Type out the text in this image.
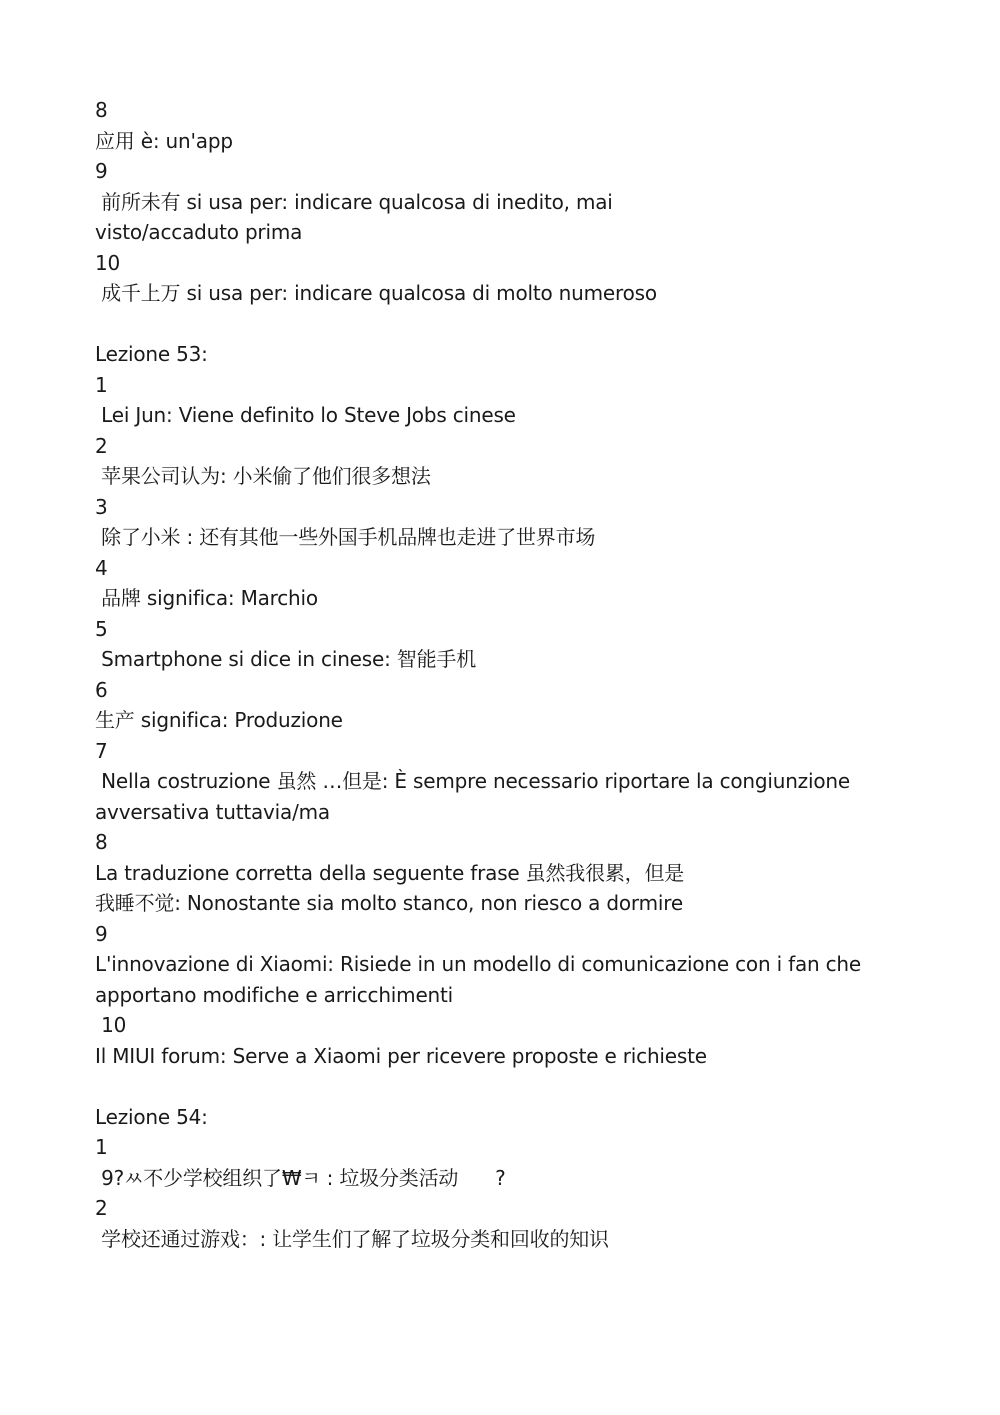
8
应用 è: un'app
9
前所未有 si usa per: indicare qualcosa di inedito, mai
visto/accaduto prima
10
成千上万 si usa per: indicare qualcosa di molto numeroso
Lezione 53:
1
Lei Jun: Viene definito lo Steve Jobs cinese
2
苹果公司认为: 小米偷了他们很多想法
3
除了小米 : 还有其他一些外国手机品牌也走进了世界市场
4
品牌 significa: Marchio
5
Smartphone si dice in cinese: 智能手机
6
生产 significa: Produzione
7
Nella costruzione 虽然 …但是: È sempre necessario riportare la congiunzione
avversativa tuttavia/ma
8
La traduzione corretta della seguente frase 虽然我很累，但是
我睡不觉: Nonostante sia molto stanco, non riesco a dormire
9
L'innovazione di Xiaomi: Risiede in un modello di comunicazione con i fan che
apportano modifiche e arricchimenti
10
Il MIUI forum: Serve a Xiaomi per ricevere proposte e richieste
Lezione 54:
1
9?ㅆ不少学校组织了₩ㅋ : 垃圾分类活动      ?
2
学校还通过游戏：: 让学生们了解了垃圾分类和回收的知识
